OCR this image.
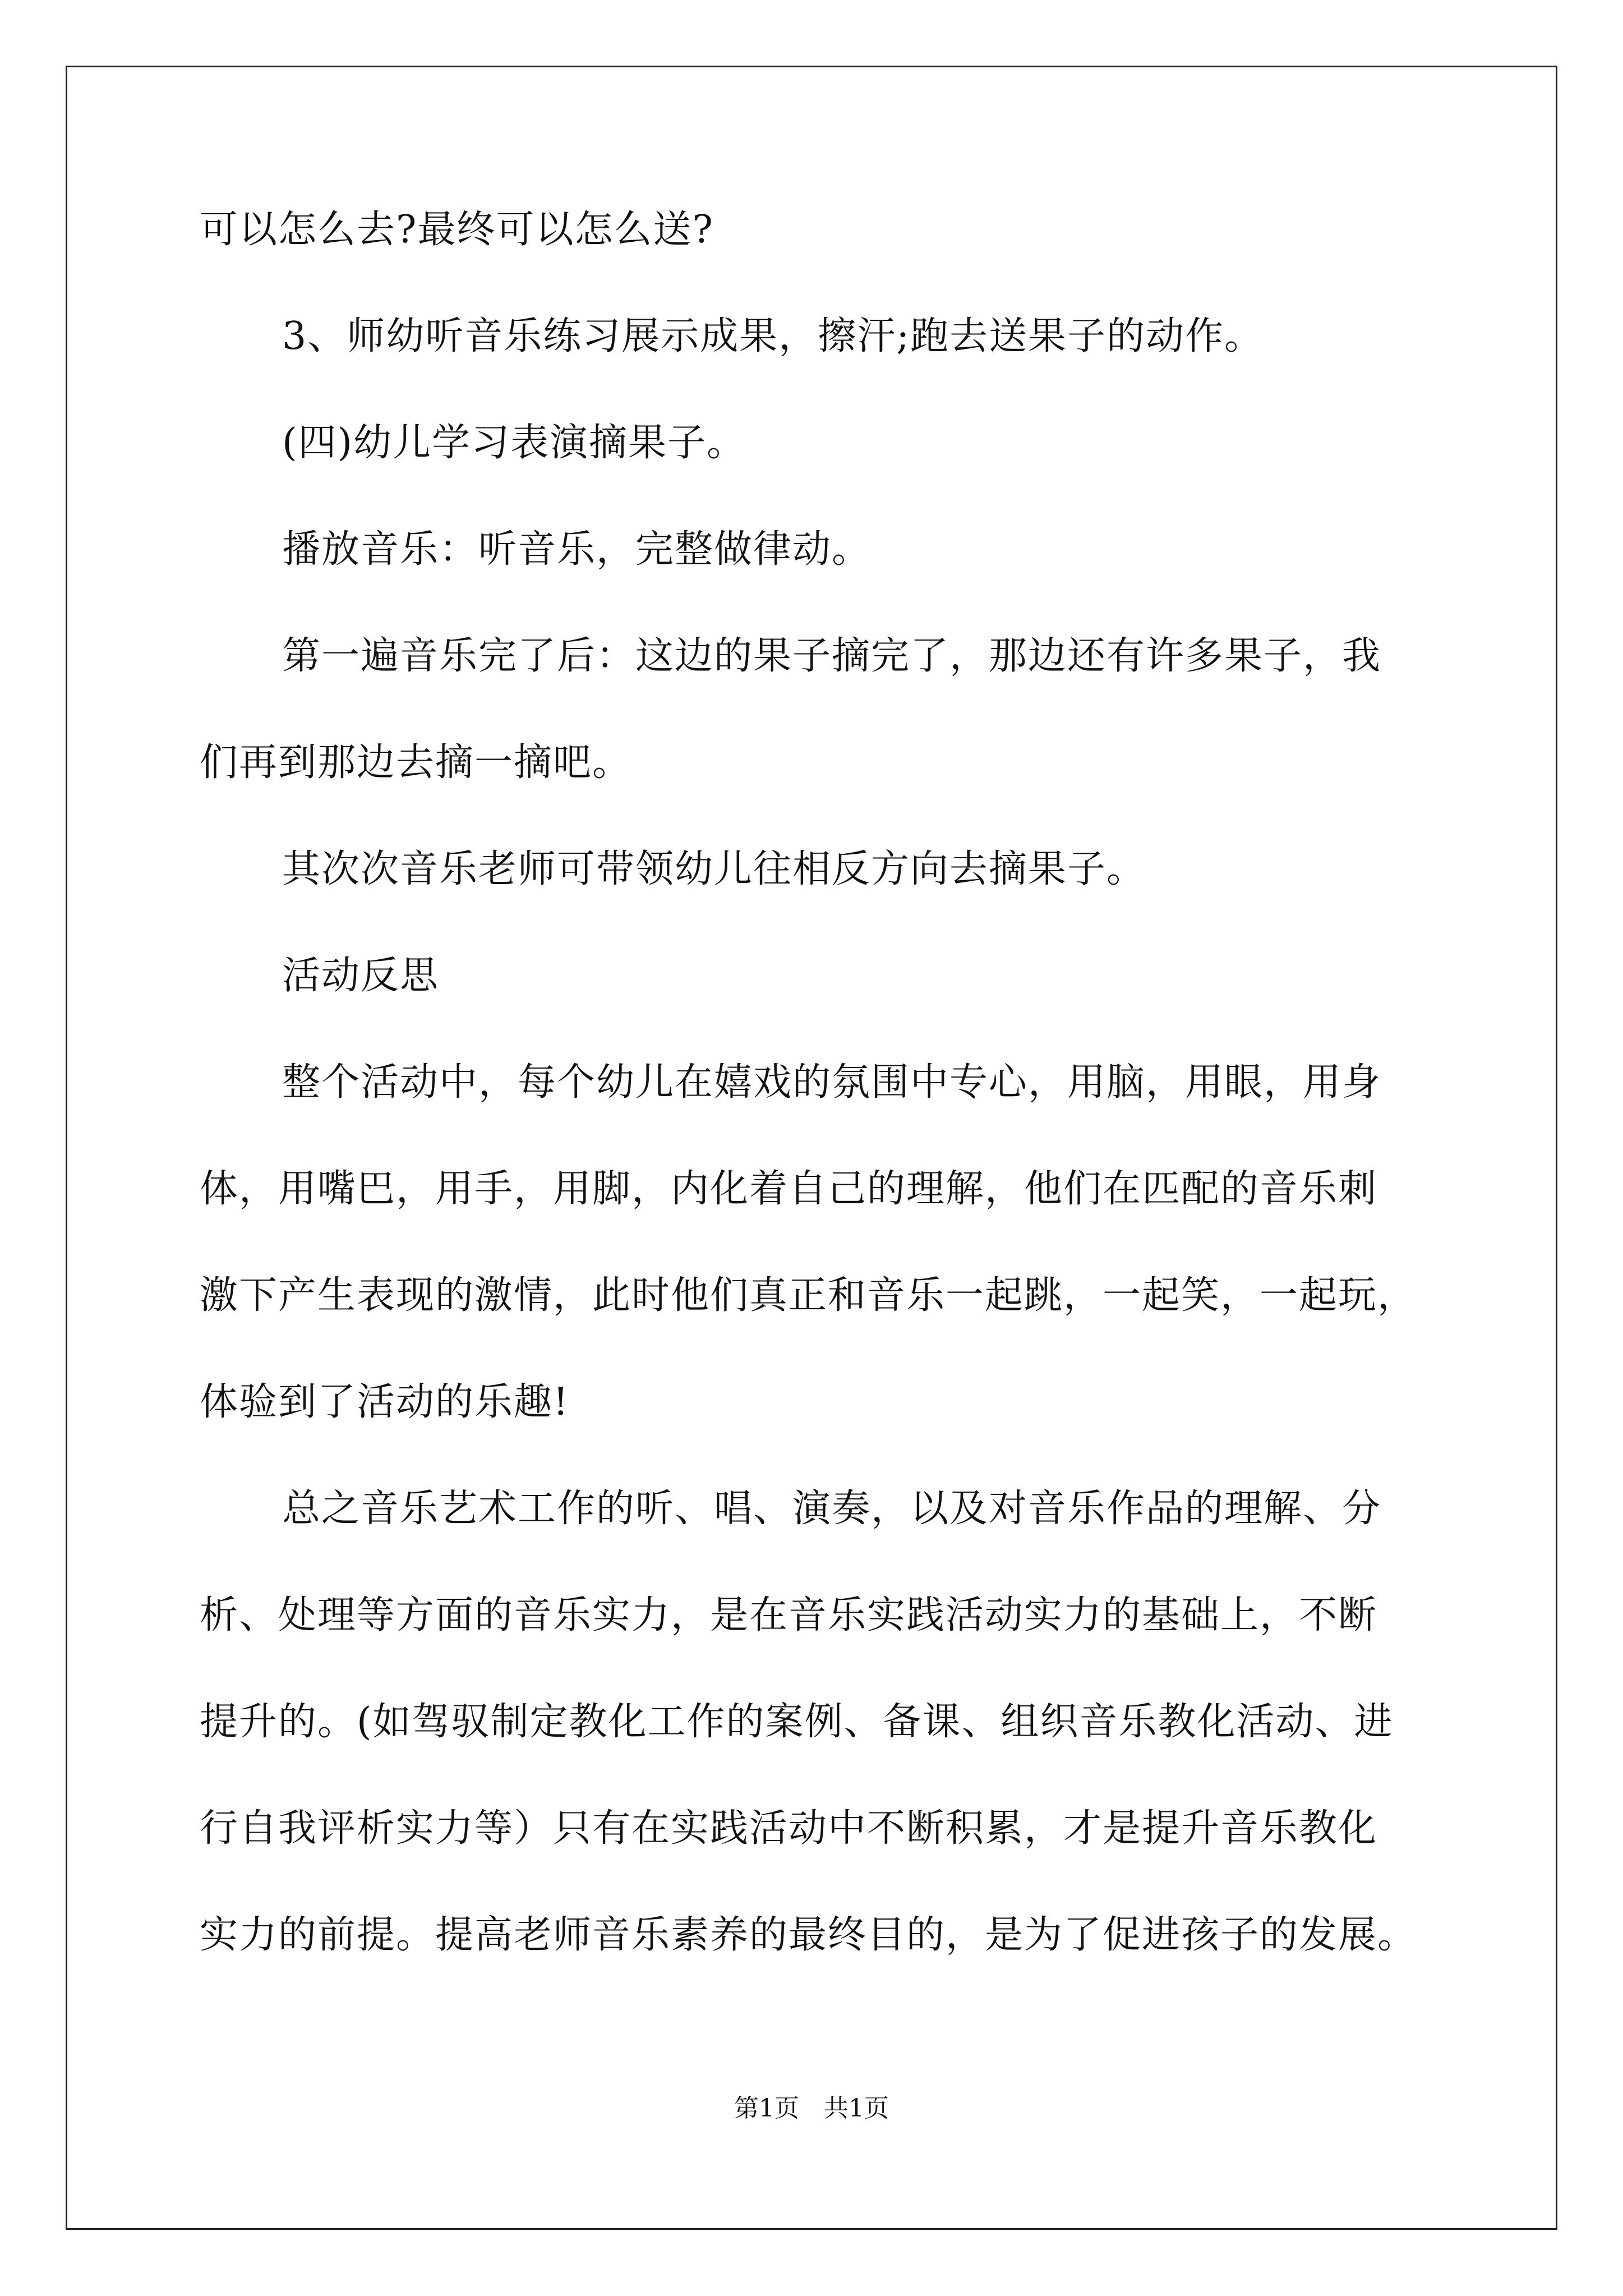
可以怎么去?最终可以怎么送?
3、师幼听音乐练习展示成果，擦汗;跑去送果子的动作。
(四)幼儿学习表演摘果子。
播放音乐：听音乐，完整做律动。
第一遍音乐完了后：这边的果子摘完了，那边还有许多果子，我
们再到那边去摘一摘吧。
其次次音乐老师可带领幼儿往相反方向去摘果子。
活动反思
整个活动中，每个幼儿在嬉戏的氛围中专心，用脑，用眼，用身
体，用嘴巴，用手，用脚，内化着自己的理解，他们在匹配的音乐刺
激下产生表现的激情，此时他们真正和音乐一起跳，一起笑，一起玩，
体验到了活动的乐趣!
总之音乐艺术工作的听、唱、演奏，以及对音乐作品的理解、分
析、处理等方面的音乐实力，是在音乐实践活动实力的基础上，不断
提升的。(如驾驭制定教化工作的案例、备课、组织音乐教化活动、进
行自我评析实力等）只有在实践活动中不断积累，才是提升音乐教化
实力的前提。提高老师音乐素养的最终目的，是为了促进孩子的发展。
第1页　共1页
